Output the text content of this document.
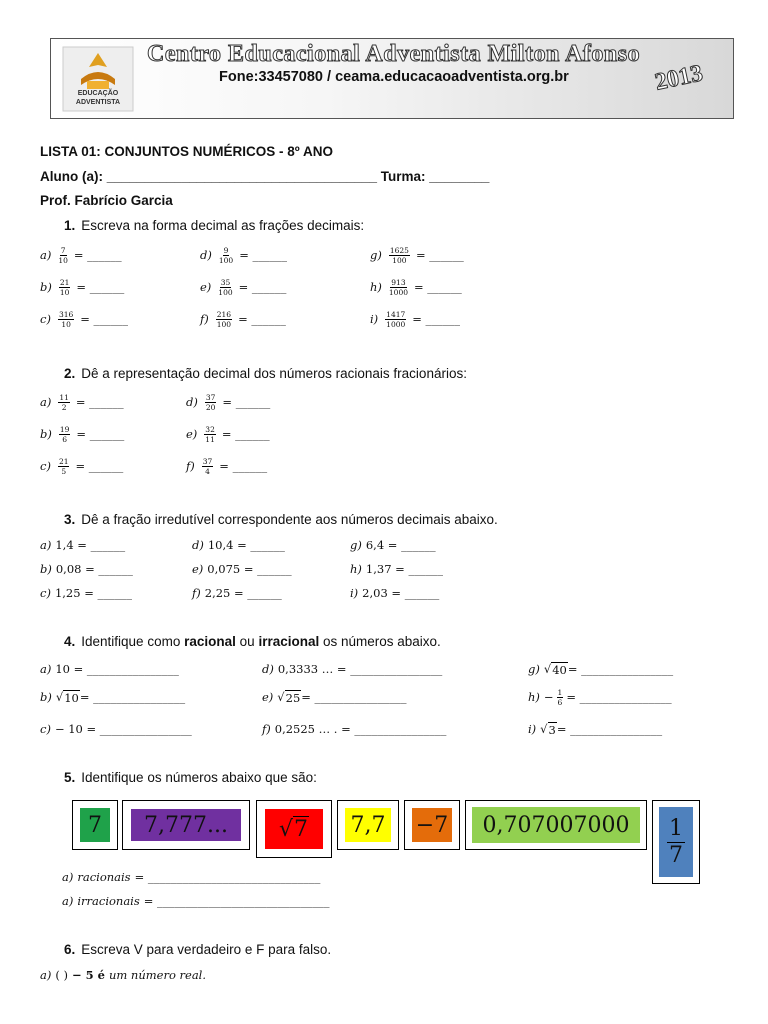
EDUCAÇÃO ADVENTISTA
Centro Educacional Adventista Milton Afonso
Fone:33457080 / ceama.educacaoadventista.org.br	2013
LISTA 01: CONJUNTOS NUMÉRICOS - 8º ANO
Aluno (a): ____________________________________ Turma: ________
Prof. Fabrício Garcia
1. Escreva na forma decimal as frações decimais:
$a) \frac{7}{10}$ = ______	$d) \frac{9}{100}$ = ______	$g) \frac{1625}{100}$ = ______
$b) \frac{21}{10}$ = ______	$e) \frac{35}{100}$ = ______	$h) \frac{913}{1000}$ = ______
$c) \frac{316}{10}$ = ______	$f) \frac{216}{100}$ = ______	$i) \frac{1417}{1000}$ = ______
2. Dê a representação decimal dos números racionais fracionários:
$a) \frac{11}{2}$ = ______	$d) \frac{37}{20}$ = ______
$b) \frac{19}{6}$ = ______	$e) \frac{32}{11}$ = ______
$c) \frac{21}{5}$ = ______	$f) \frac{37}{4}$ = ______
3. Dê a fração irredutível correspondente aos números decimais abaixo.
a) 1,4 = ______	d) 10,4 = ______	g) 6,4 = ______
b) 0,08 = ______	e) 0,075 = ______	h) 1,37 = ______
c) 1,25 = ______	f) 2,25 = ______	i) 2,03 = ______
4. Identifique como racional ou irracional os números abaixo.
a) 10 = ________________	d) 0,3333 … = ________________	g) √ 40 = ________________
b) √ 10 = ________________	e) √ 25 = ________________	$h) - \frac{1}{6}$ = ________________
c) − 10 = ________________	f) 0,2525 … . = ________________	i) √ 3 = ________________
5. Identifique os números abaixo que são:
7 7,777... √ 7 7,7 −7 $0,707007000 \frac{1}{7}$
a) racionais = ______________________________
a) irracionais = ______________________________
6. Escreva V para verdadeiro e F para falso.
a) ( ) − 5 é um número real.
